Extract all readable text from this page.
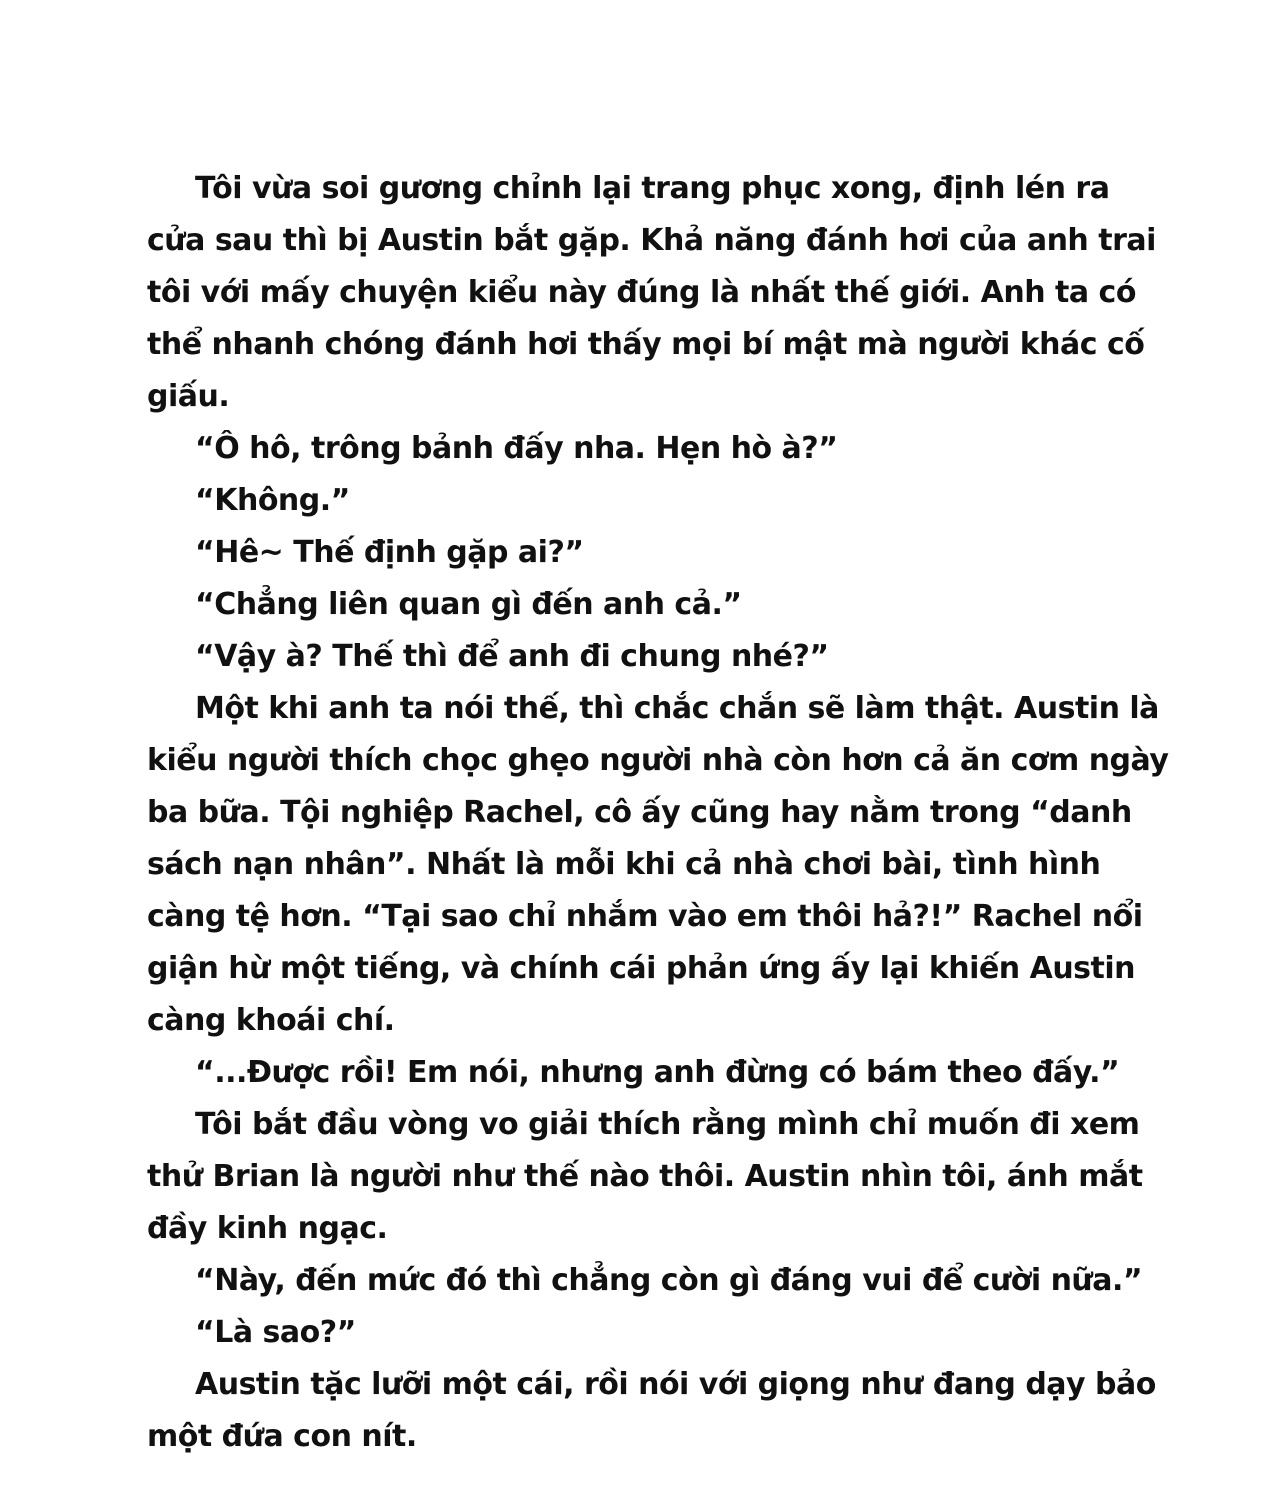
Tôi vừa soi gương chỉnh lại trang phục xong, định lén ra cửa sau thì bị Austin bắt gặp. Khả năng đánh hơi của anh trai tôi với mấy chuyện kiểu này đúng là nhất thế giới. Anh ta có thể nhanh chóng đánh hơi thấy mọi bí mật mà người khác cố giấu.

“Ô hô, trông bảnh đấy nha. Hẹn hò à?”

“Không.”

“Hê~ Thế định gặp ai?”

“Chẳng liên quan gì đến anh cả.”

“Vậy à? Thế thì để anh đi chung nhé?”

Một khi anh ta nói thế, thì chắc chắn sẽ làm thật. Austin là kiểu người thích chọc ghẹo người nhà còn hơn cả ăn cơm ngày ba bữa. Tội nghiệp Rachel, cô ấy cũng hay nằm trong “danh sách nạn nhân”. Nhất là mỗi khi cả nhà chơi bài, tình hình càng tệ hơn. “Tại sao chỉ nhắm vào em thôi hả?!” Rachel nổi giận hừ một tiếng, và chính cái phản ứng ấy lại khiến Austin càng khoái chí.

“...Được rồi! Em nói, nhưng anh đừng có bám theo đấy.”

Tôi bắt đầu vòng vo giải thích rằng mình chỉ muốn đi xem thử Brian là người như thế nào thôi. Austin nhìn tôi, ánh mắt đầy kinh ngạc.

“Này, đến mức đó thì chẳng còn gì đáng vui để cười nữa.”

“Là sao?”

Austin tặc lưỡi một cái, rồi nói với giọng như đang dạy bảo một đứa con nít.
